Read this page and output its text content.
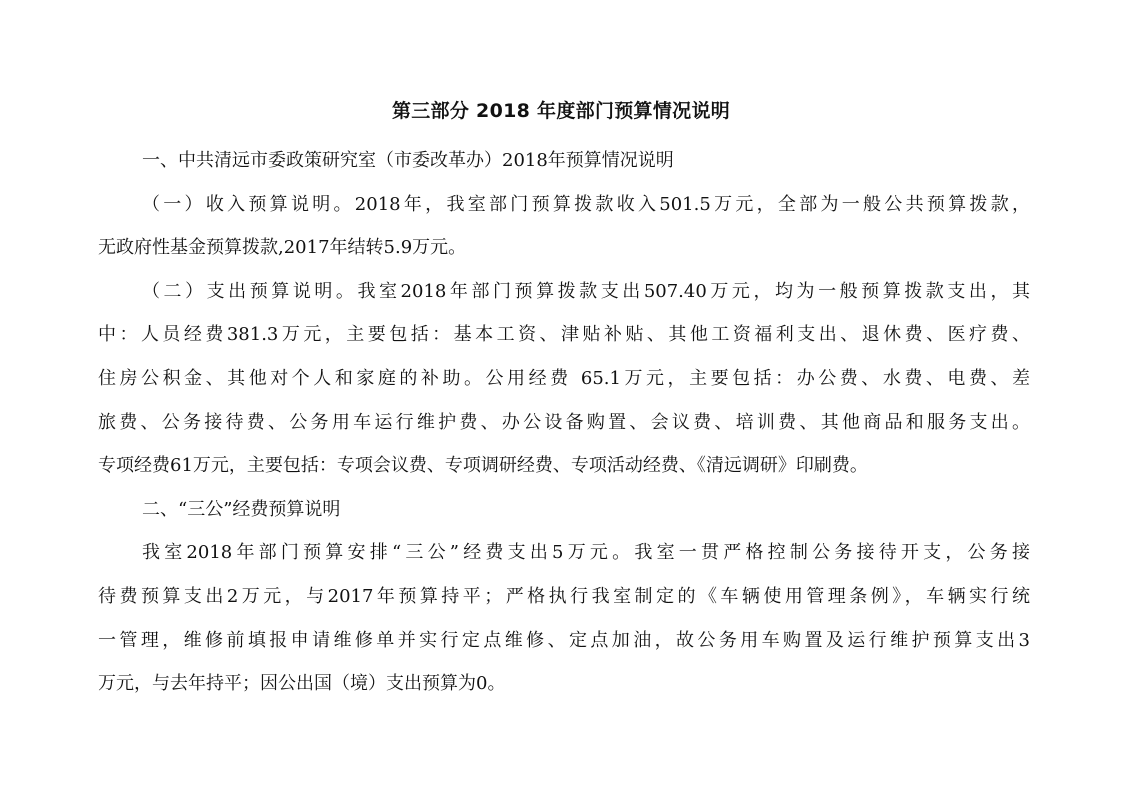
第三部分 2018 年度部门预算情况说明
一、中共清远市委政策研究室（市委改革办）2018年预算情况说明
（一）收入预算说明。2018年，我室部门预算拨款收入501.5万元，全部为一般公共预算拨款，
无政府性基金预算拨款,2017年结转5.9万元。
（二）支出预算说明。我室2018年部门预算拨款支出507.40万元，均为一般预算拨款支出，其
中：人员经费381.3万元，主要包括：基本工资、津贴补贴、其他工资福利支出、退休费、医疗费、
住房公积金、其他对个人和家庭的补助。公用经费 65.1万元，主要包括：办公费、水费、电费、差
旅费、公务接待费、公务用车运行维护费、办公设备购置、会议费、培训费、其他商品和服务支出。
专项经费61万元，主要包括：专项会议费、专项调研经费、专项活动经费、《清远调研》印刷费。
二、“三公”经费预算说明
我室2018年部门预算安排“三公”经费支出5万元。我室一贯严格控制公务接待开支，公务接
待费预算支出2万元，与2017年预算持平；严格执行我室制定的《车辆使用管理条例》，车辆实行统
一管理，维修前填报申请维修单并实行定点维修、定点加油，故公务用车购置及运行维护预算支出3
万元，与去年持平；因公出国（境）支出预算为0。
